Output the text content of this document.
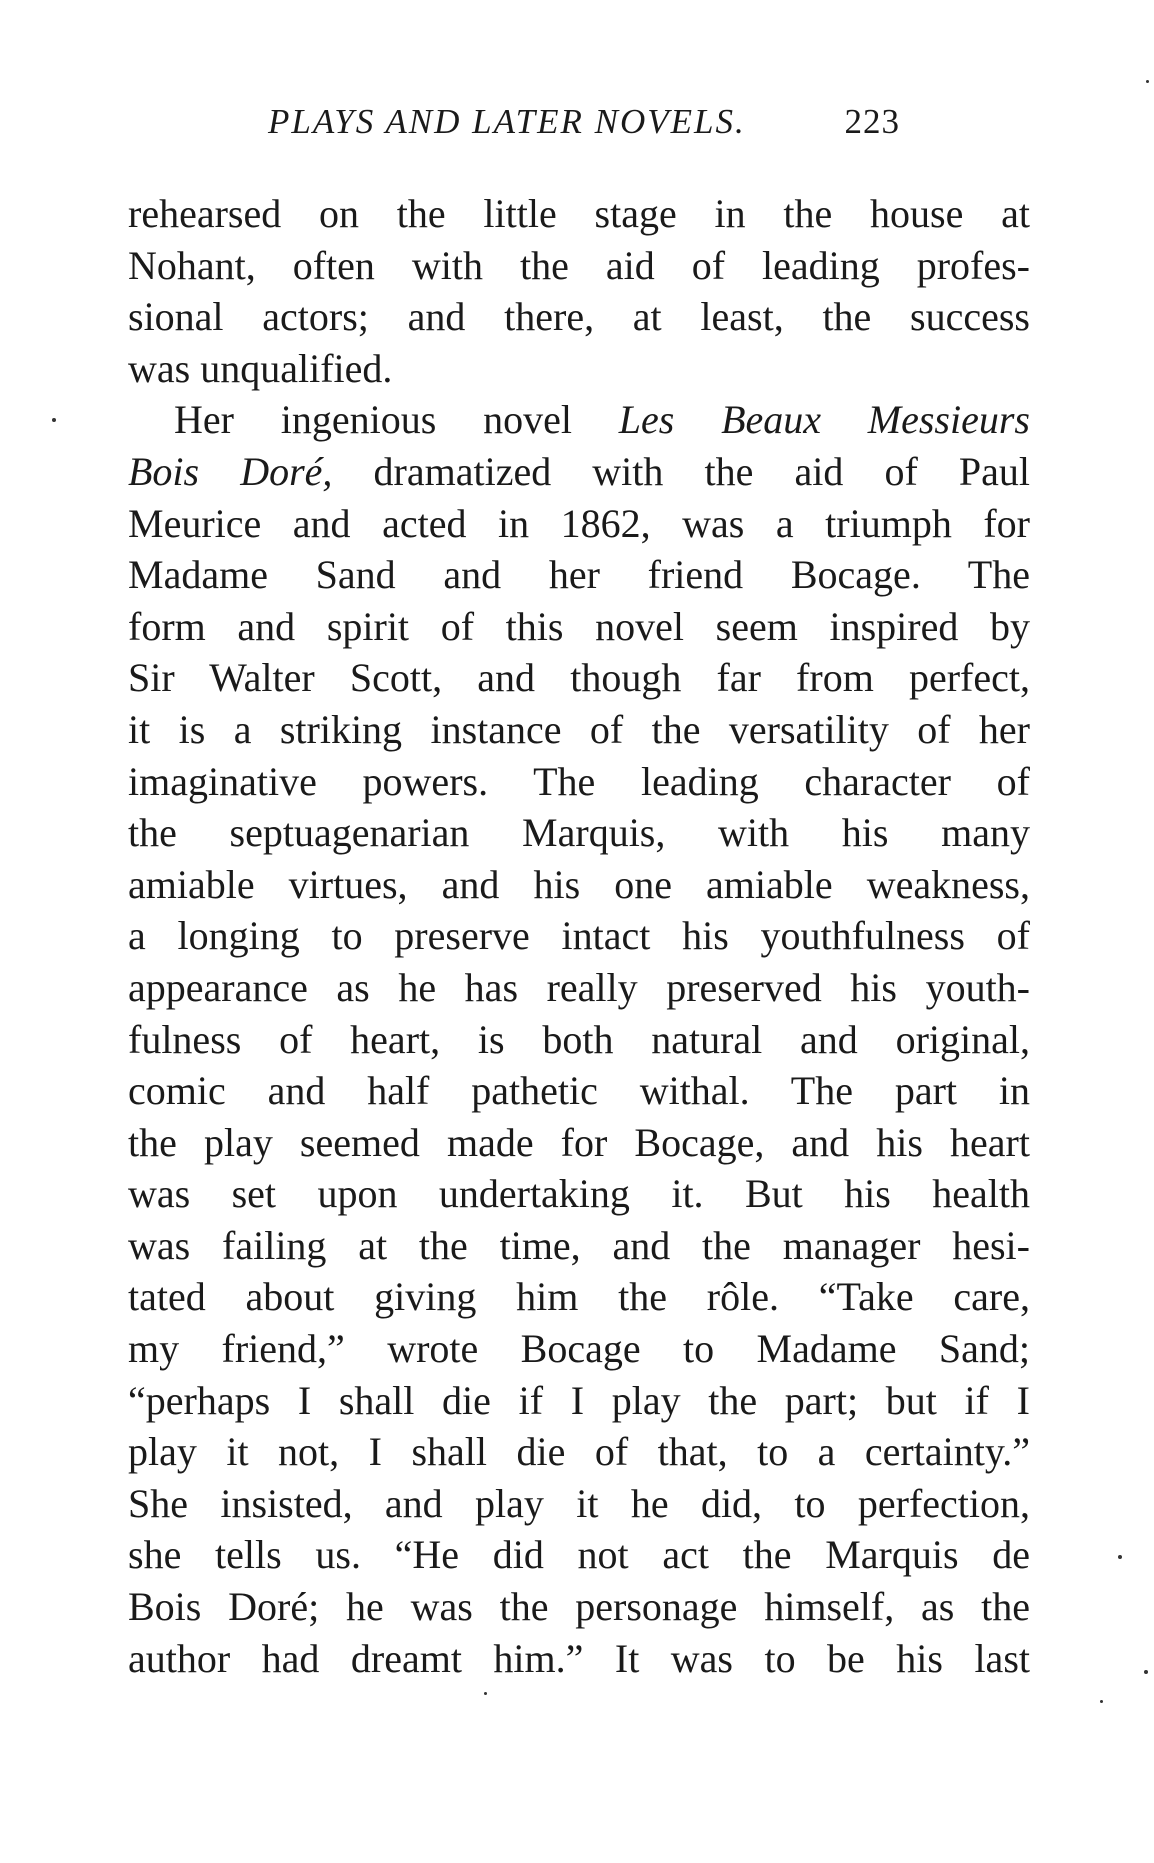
PLAYS AND LATER NOVELS.	223
rehearsed on the little stage in the house at
Nohant, often with the aid of leading profes-
sional actors; and there, at least, the success
was unqualified.
Her ingenious novel Les Beaux Messieurs
Bois Doré, dramatized with the aid of Paul
Meurice and acted in 1862, was a triumph for
Madame Sand and her friend Bocage. The
form and spirit of this novel seem inspired by
Sir Walter Scott, and though far from perfect,
it is a striking instance of the versatility of her
imaginative powers. The leading character of
the septuagenarian Marquis, with his many
amiable virtues, and his one amiable weakness,
a longing to preserve intact his youthfulness of
appearance as he has really preserved his youth-
fulness of heart, is both natural and original,
comic and half pathetic withal. The part in
the play seemed made for Bocage, and his heart
was set upon undertaking it. But his health
was failing at the time, and the manager hesi-
tated about giving him the rôle. “Take care,
my friend,” wrote Bocage to Madame Sand;
“perhaps I shall die if I play the part; but if I
play it not, I shall die of that, to a certainty.”
She insisted, and play it he did, to perfection,
she tells us. “He did not act the Marquis de
Bois Doré; he was the personage himself, as the
author had dreamt him.” It was to be his last
